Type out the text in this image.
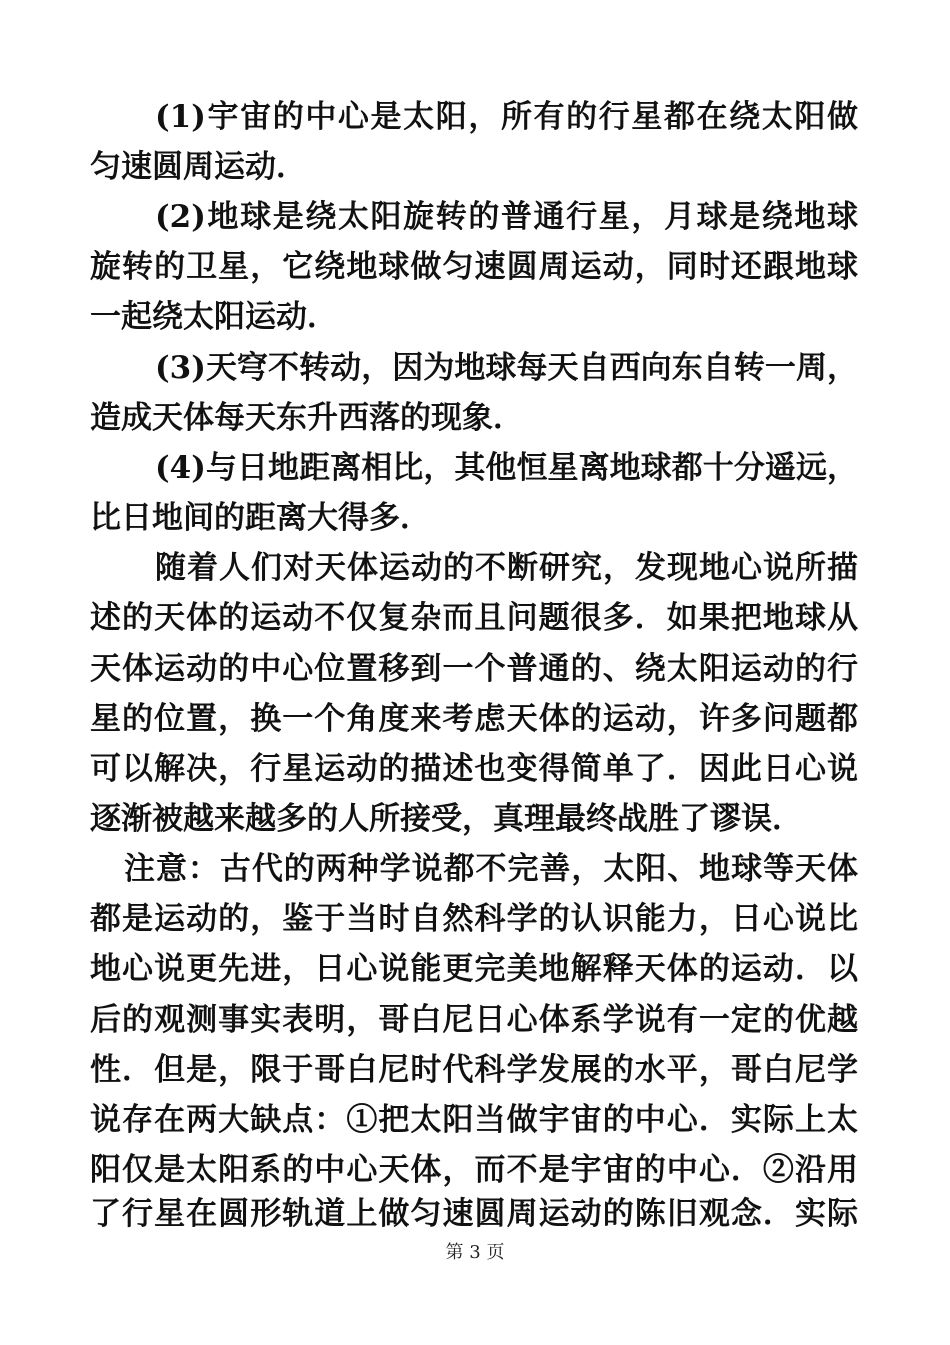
(1)宇宙的中心是太阳，所有的行星都在绕太阳做
匀速圆周运动．
(2)地球是绕太阳旋转的普通行星，月球是绕地球
旋转的卫星，它绕地球做匀速圆周运动，同时还跟地球
一起绕太阳运动．
(3)天穹不转动，因为地球每天自西向东自转一周，
造成天体每天东升西落的现象．
(4)与日地距离相比，其他恒星离地球都十分遥远，
比日地间的距离大得多．
随着人们对天体运动的不断研究，发现地心说所描
述的天体的运动不仅复杂而且问题很多．如果把地球从
天体运动的中心位置移到一个普通的、绕太阳运动的行
星的位置，换一个角度来考虑天体的运动，许多问题都
可以解决，行星运动的描述也变得简单了．因此日心说
逐渐被越来越多的人所接受，真理最终战胜了谬误．
注意：古代的两种学说都不完善，太阳、地球等天体
都是运动的，鉴于当时自然科学的认识能力，日心说比
地心说更先进，日心说能更完美地解释天体的运动．以
后的观测事实表明，哥白尼日心体系学说有一定的优越
性．但是，限于哥白尼时代科学发展的水平，哥白尼学
说存在两大缺点：①把太阳当做宇宙的中心．实际上太
阳仅是太阳系的中心天体，而不是宇宙的中心．②沿用
了行星在圆形轨道上做匀速圆周运动的陈旧观念．实际
第 3 页
